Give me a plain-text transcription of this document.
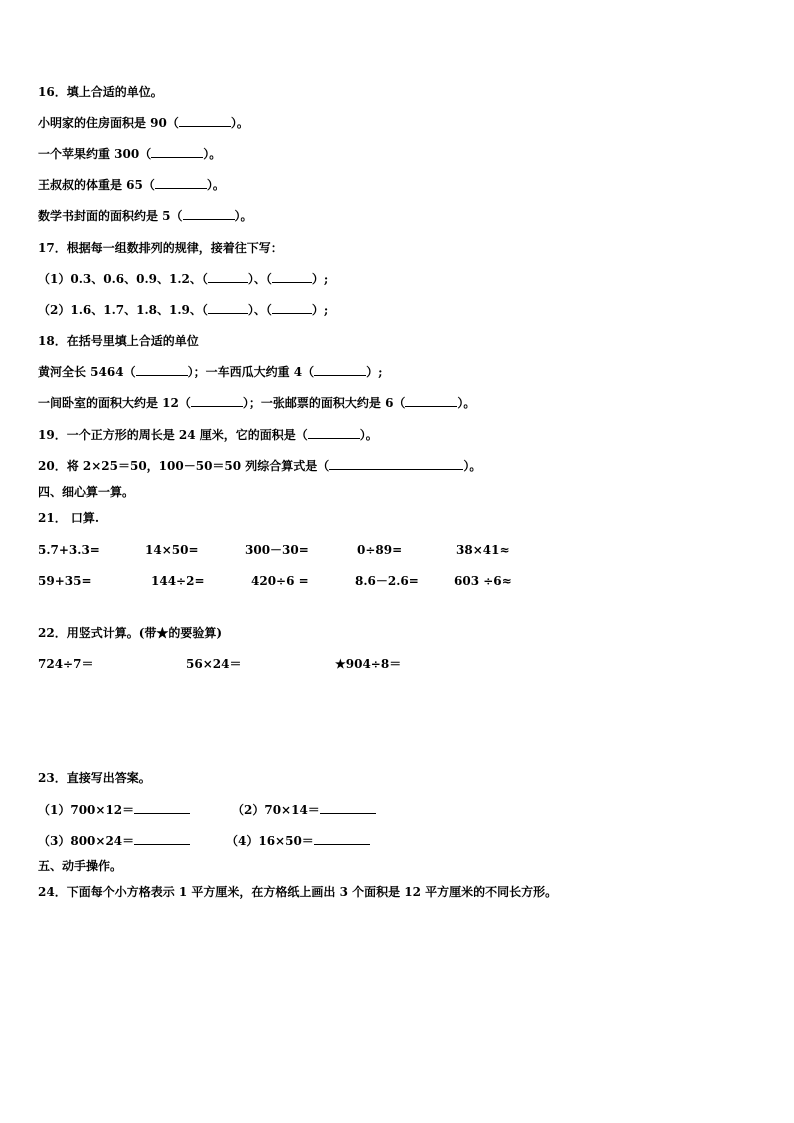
16．填上合适的单位。
小明家的住房面积是 90（	）。
一个苹果约重 300（	）。
王叔叔的体重是 65（	）。
数学书封面的面积约是 5（	）。
17．根据每一组数排列的规律，接着往下写：
（1）0.3、0.6、0.9、1.2、（	）、（	）;
（2）1.6、1.7、1.8、1.9、（	）、（	）;
18．在括号里填上合适的单位
黄河全长 5464（	）；一车西瓜大约重 4（	）;
一间卧室的面积大约是 12（	）；一张邮票的面积大约是 6（	）。
19．一个正方形的周长是 24 厘米，它的面积是（	）。
20．将 2×25＝50，100－50＝50 列综合算式是（	）。
四、细心算一算。
21． 口算.
5.7+3.3=	14×50=	300－30=	0÷89=	38×41≈
59+35=	144÷2=	420÷6 =	8.6－2.6=	603 ÷6≈
22．用竖式计算。(带★的要验算)
724÷7＝	56×24＝	★904÷8＝
23．直接写出答案。
（1）700×12＝	（2）70×14＝
（3）800×24＝	（4）16×50＝
五、动手操作。
24．下面每个小方格表示 1 平方厘米，在方格纸上画出 3 个面积是 12 平方厘米的不同长方形。
